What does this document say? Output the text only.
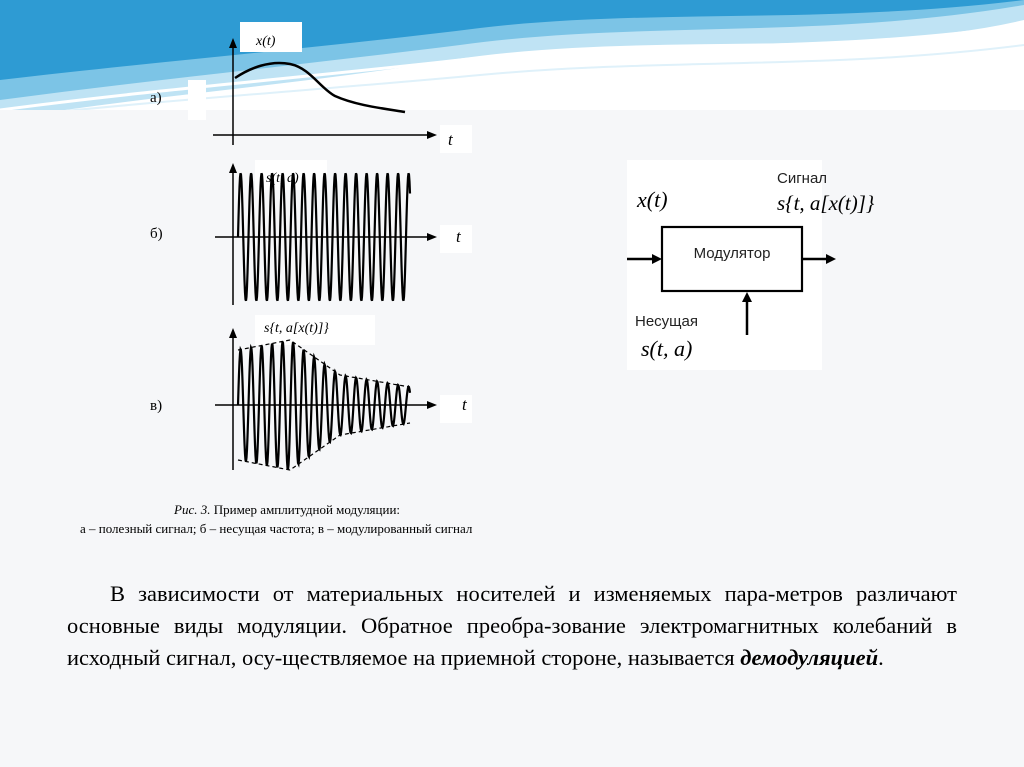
а)
x(t)
t
б)
s(t, a)
t
в)
s{t, a[x(t)]}
t
x(t)
Сигнал
s{t, a[x(t)]}
Модулятор
Несущая
s(t, a)
Рис. 3. Пример амплитудной модуляции:
а – полезный сигнал; б – несущая частота; в – модулированный сигнал
В зависимости от материальных носителей и изменяемых пара-метров различают основные виды модуляции. Обратное преобра-зование электромагнитных колебаний в исходный сигнал, осу-ществляемое на приемной стороне, называется демодуляцией.
